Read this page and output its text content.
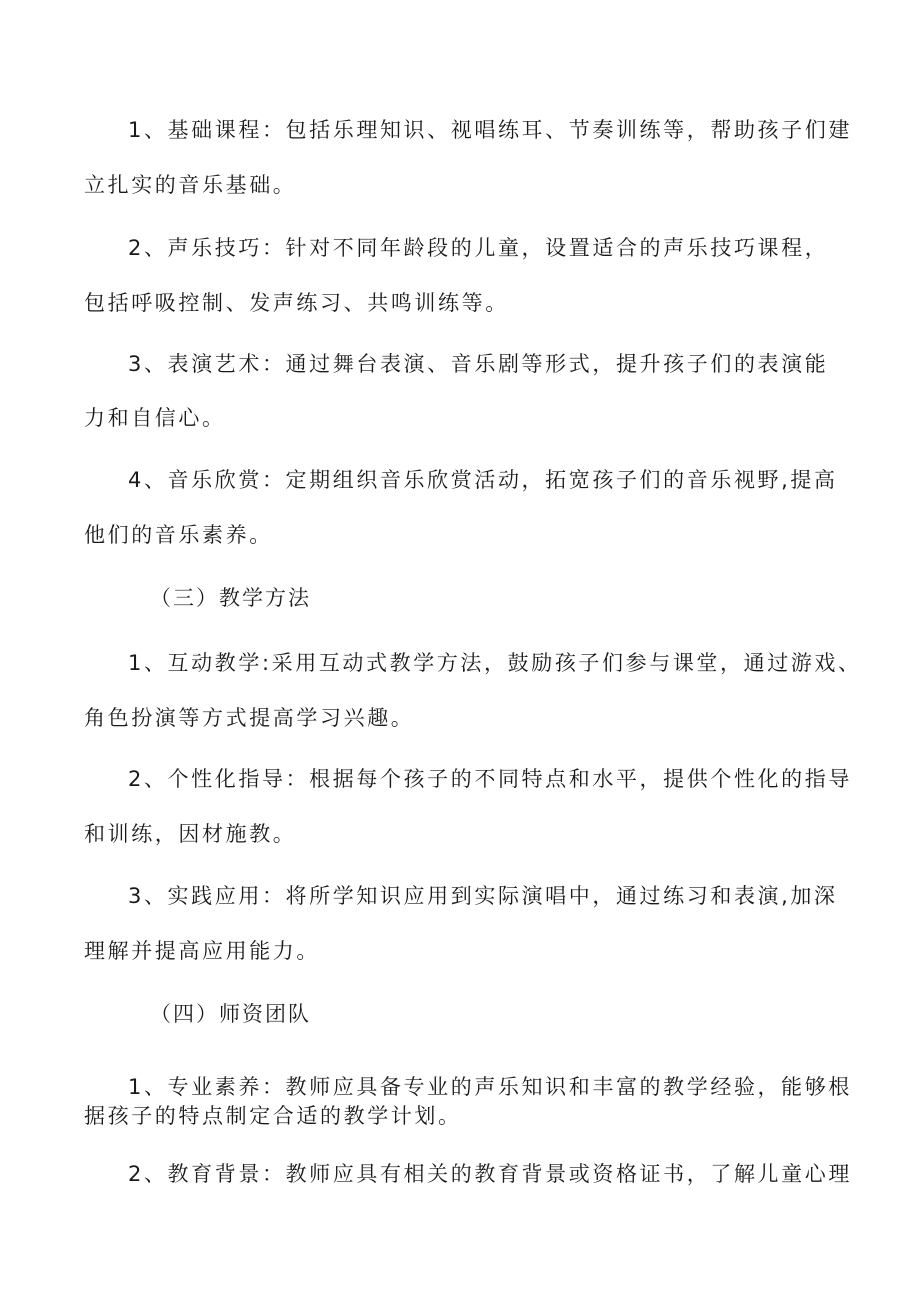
1、基础课程：包括乐理知识、视唱练耳、节奏训练等，帮助孩子们建
立扎实的音乐基础。
2、声乐技巧：针对不同年龄段的儿童，设置适合的声乐技巧课程，
包括呼吸控制、发声练习、共鸣训练等。
3、表演艺术：通过舞台表演、音乐剧等形式，提升孩子们的表演能
力和自信心。
4、音乐欣赏：定期组织音乐欣赏活动，拓宽孩子们的音乐视野,提高
他们的音乐素养。
（三）教学方法
1、互动教学:采用互动式教学方法，鼓励孩子们参与课堂，通过游戏、
角色扮演等方式提高学习兴趣。
2、个性化指导：根据每个孩子的不同特点和水平，提供个性化的指导
和训练，因材施教。
3、实践应用：将所学知识应用到实际演唱中，通过练习和表演,加深
理解并提高应用能力。
（四）师资团队
1、专业素养：教师应具备专业的声乐知识和丰富的教学经验，能够根
据孩子的特点制定合适的教学计划。
2、教育背景：教师应具有相关的教育背景或资格证书，了解儿童心理
